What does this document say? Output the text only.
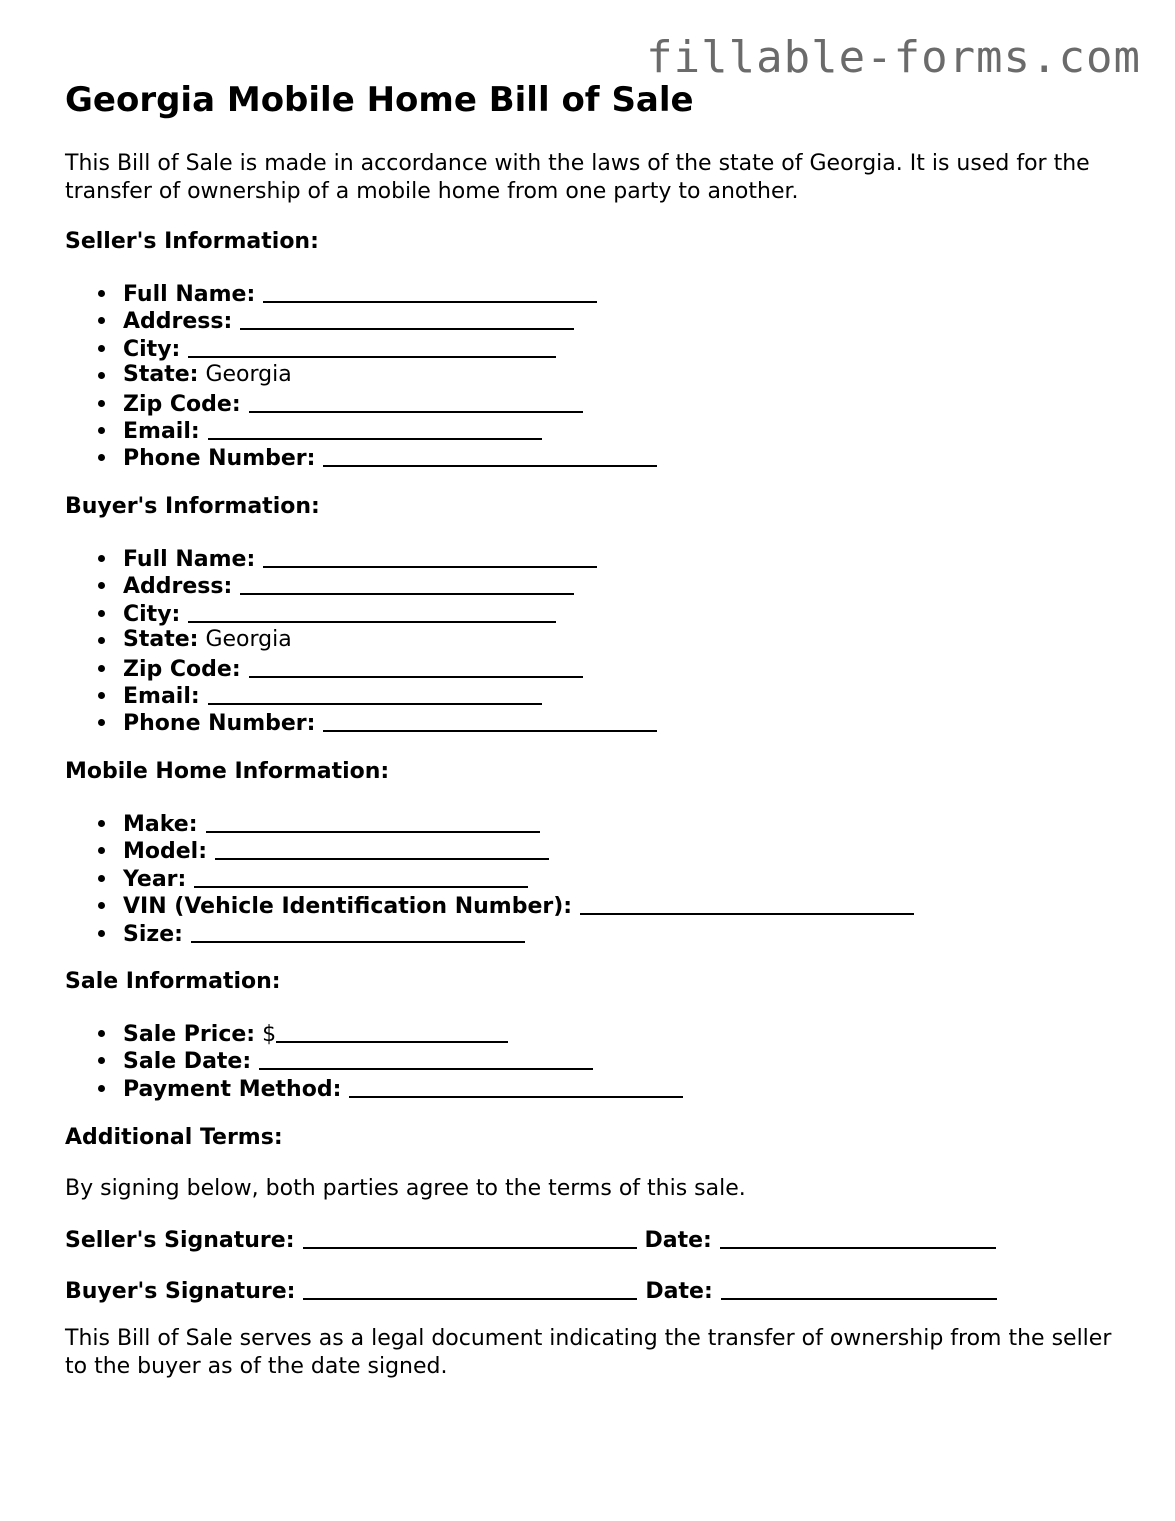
fillable-forms.com
Georgia Mobile Home Bill of Sale

This Bill of Sale is made in accordance with the laws of the state of Georgia. It is used for the transfer of ownership of a mobile home from one party to another.

Seller's Information:

Full Name:
Address:
City:
State: Georgia
Zip Code:
Email:
Phone Number:

Buyer's Information:

Full Name:
Address:
City:
State: Georgia
Zip Code:
Email:
Phone Number:

Mobile Home Information:

Make:
Model:
Year:
VIN (Vehicle Identification Number):
Size:

Sale Information:

Sale Price: $
Sale Date:
Payment Method:

Additional Terms:

By signing below, both parties agree to the terms of this sale.

Seller's Signature:	Date:
Buyer's Signature:	Date:

This Bill of Sale serves as a legal document indicating the transfer of ownership from the seller to the buyer as of the date signed.
